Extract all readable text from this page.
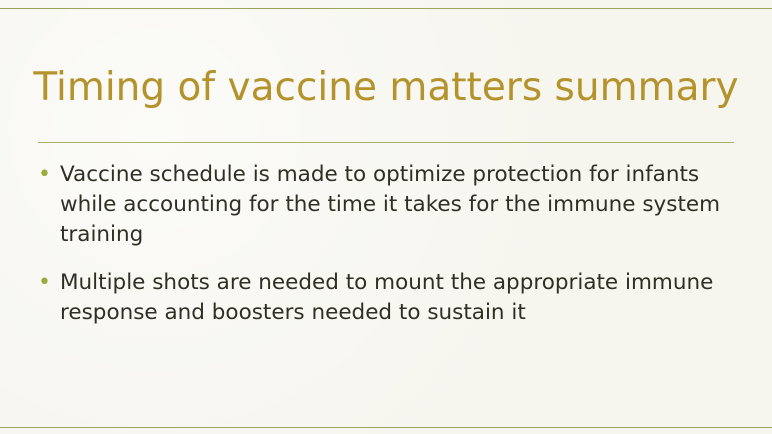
Timing of vaccine matters summary
• Vaccine schedule is made to optimize protection for infants while accounting for the time it takes for the immune system training
• Multiple shots are needed to mount the appropriate immune response and boosters needed to sustain it
